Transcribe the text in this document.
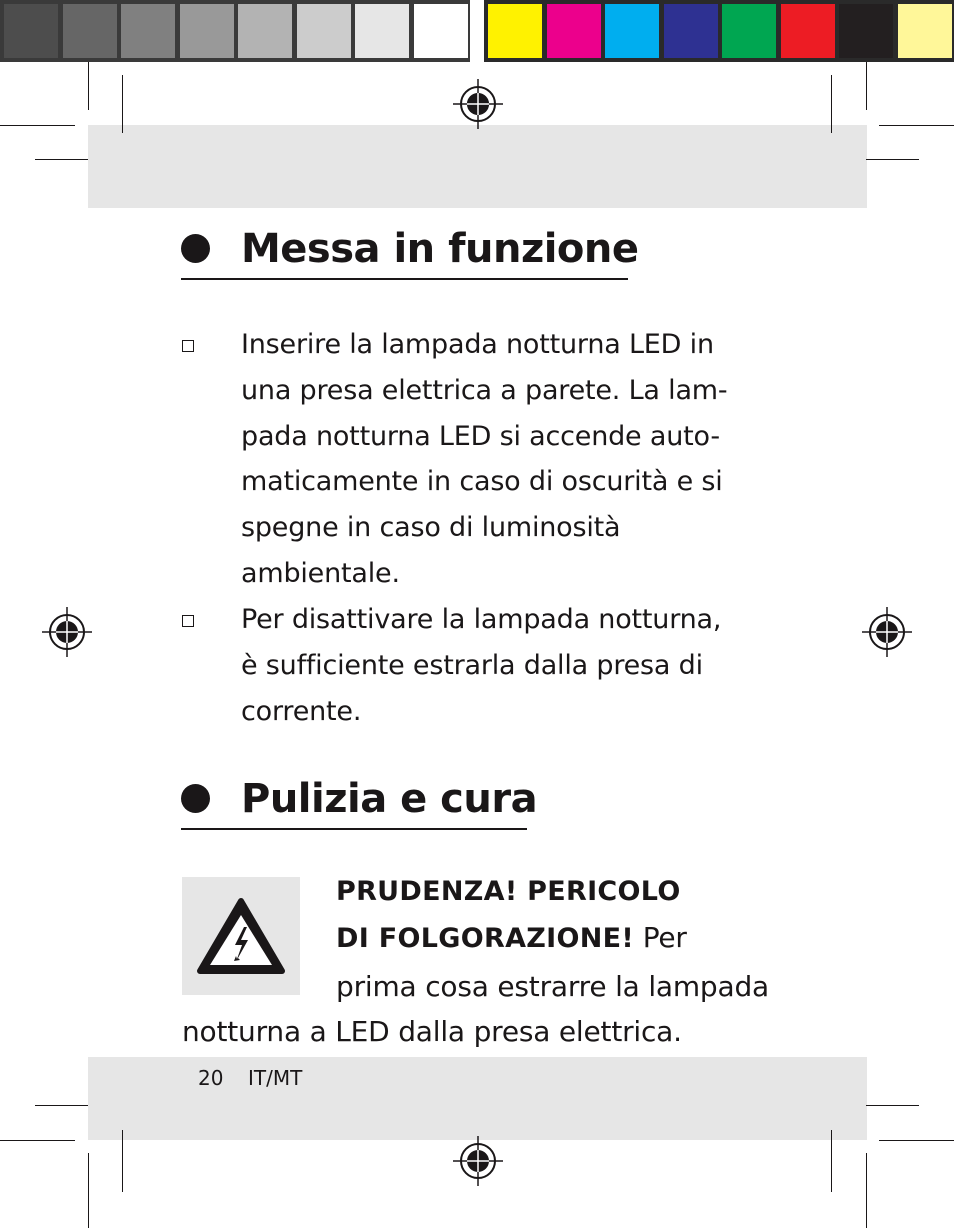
Messa in funzione
Inserire la lampada notturna LED in
una presa elettrica a parete. La lam-
pada notturna LED si accende auto-
maticamente in caso di oscurità e si
spegne in caso di luminosità
ambientale.
Per disattivare la lampada notturna,
è sufficiente estrarla dalla presa di
corrente.
Pulizia e cura
PRUDENZA! PERICOLO
DI FOLGORAZIONE! Per
prima cosa estrarre la lampada
notturna a LED dalla presa elettrica.
20 IT/MT
